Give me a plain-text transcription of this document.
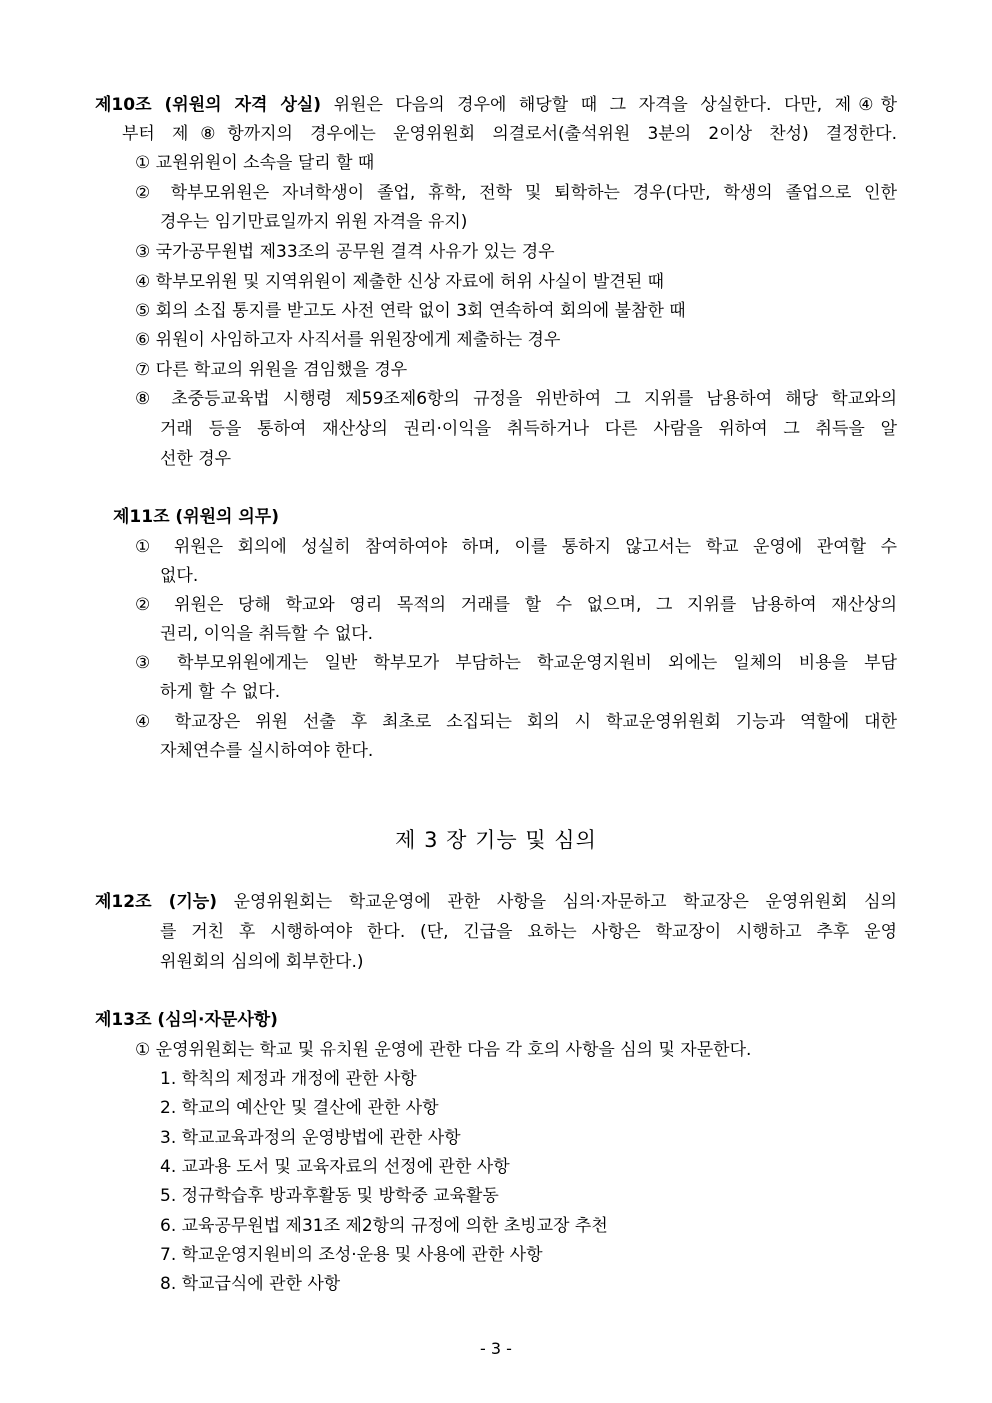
제10조 (위원의 자격 상실) 위원은 다음의 경우에 해당할 때 그 자격을 상실한다. 다만, 제④항
부터 제⑧항까지의 경우에는 운영위원회 의결로서(출석위원 3분의 2이상 찬성) 결정한다.
① 교원위원이 소속을 달리 할 때
② 학부모위원은 자녀학생이 졸업, 휴학, 전학 및 퇴학하는 경우(다만, 학생의 졸업으로 인한
경우는 임기만료일까지 위원 자격을 유지)
③ 국가공무원법 제33조의 공무원 결격 사유가 있는 경우
④ 학부모위원 및 지역위원이 제출한 신상 자료에 허위 사실이 발견된 때
⑤ 회의 소집 통지를 받고도 사전 연락 없이 3회 연속하여 회의에 불참한 때
⑥ 위원이 사임하고자 사직서를 위원장에게 제출하는 경우
⑦ 다른 학교의 위원을 겸임했을 경우
⑧ 초중등교육법 시행령 제59조제6항의 규정을 위반하여 그 지위를 남용하여 해당 학교와의
거래 등을 통하여 재산상의 권리·이익을 취득하거나 다른 사람을 위하여 그 취득을 알
선한 경우
제11조 (위원의 의무)
① 위원은 회의에 성실히 참여하여야 하며, 이를 통하지 않고서는 학교 운영에 관여할 수
없다.
② 위원은 당해 학교와 영리 목적의 거래를 할 수 없으며, 그 지위를 남용하여 재산상의
권리, 이익을 취득할 수 없다.
③ 학부모위원에게는 일반 학부모가 부담하는 학교운영지원비 외에는 일체의 비용을 부담
하게 할 수 없다.
④ 학교장은 위원 선출 후 최초로 소집되는 회의 시 학교운영위원회 기능과 역할에 대한
자체연수를 실시하여야 한다.
제 3 장 기능 및 심의
제12조 (기능) 운영위원회는 학교운영에 관한 사항을 심의·자문하고 학교장은 운영위원회 심의
를 거친 후 시행하여야 한다. (단, 긴급을 요하는 사항은 학교장이 시행하고 추후 운영
위원회의 심의에 회부한다.)
제13조 (심의·자문사항)
① 운영위원회는 학교 및 유치원 운영에 관한 다음 각 호의 사항을 심의 및 자문한다.
1. 학칙의 제정과 개정에 관한 사항
2. 학교의 예산안 및 결산에 관한 사항
3. 학교교육과정의 운영방법에 관한 사항
4. 교과용 도서 및 교육자료의 선정에 관한 사항
5. 정규학습후 방과후활동 및 방학중 교육활동
6. 교육공무원법 제31조 제2항의 규정에 의한 초빙교장 추천
7. 학교운영지원비의 조성·운용 및 사용에 관한 사항
8. 학교급식에 관한 사항
- 3 -
